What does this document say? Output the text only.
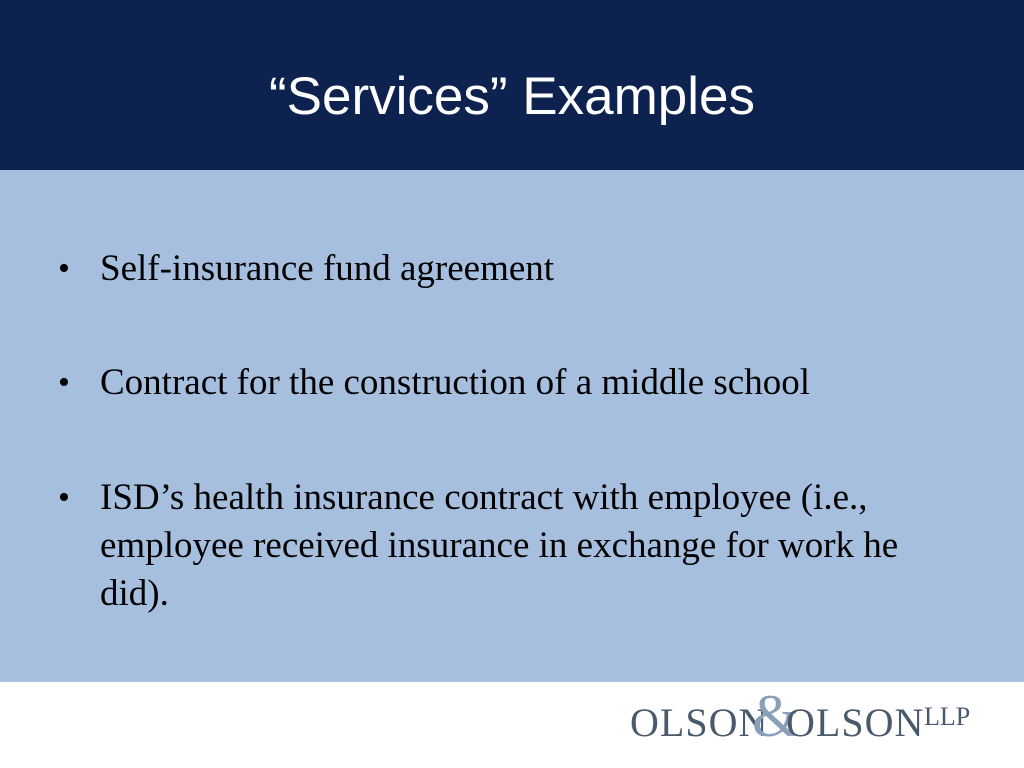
“Services” Examples
• Self-insurance fund agreement
• Contract for the construction of a middle school
• ISD’s health insurance contract with employee (i.e.,
employee received insurance in exchange for work he
did).
OLSON
&
OLSON LLP
